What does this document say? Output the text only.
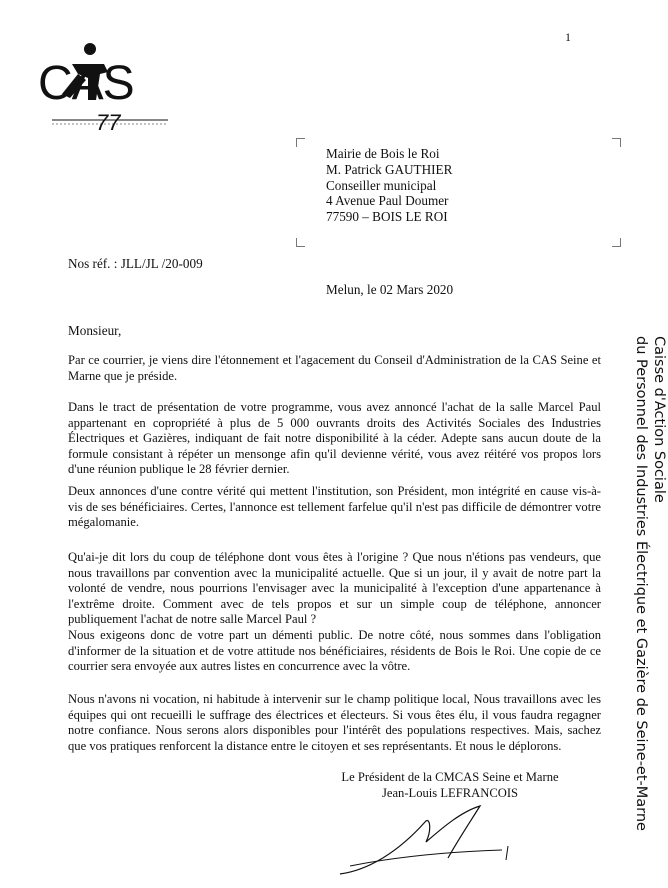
1
CAS
77
Mairie de Bois le Roi
M. Patrick GAUTHIER
Conseiller municipal
4 Avenue Paul Doumer
77590 – BOIS LE ROI
Nos réf. : JLL/JL /20-009
Melun, le 02 Mars 2020
Monsieur,

Par ce courrier, je viens dire l'étonnement et l'agacement du Conseil d'Administration de la CAS Seine et Marne que je préside.

Dans le tract de présentation de votre programme, vous avez annoncé l'achat de la salle Marcel Paul appartenant en copropriété à plus de 5 000 ouvrants droits des Activités Sociales des Industries Électriques et Gazières, indiquant de fait notre disponibilité à la céder. Adepte sans aucun doute de la formule consistant à répéter un mensonge afin qu'il devienne vérité, vous avez réitéré vos propos lors d'une réunion publique le 28 février dernier.

Deux annonces d'une contre vérité qui mettent l'institution, son Président, mon intégrité en cause vis-à-vis de ses bénéficiaires. Certes, l'annonce est tellement farfelue qu'il n'est pas difficile de démontrer votre mégalomanie.

Qu'ai-je dit lors du coup de téléphone dont vous êtes à l'origine ? Que nous n'étions pas vendeurs, que nous travaillons par convention avec la municipalité actuelle. Que si un jour, il y avait de notre part la volonté de vendre, nous pourrions l'envisager avec la municipalité à l'exception d'une appartenance à l'extrême droite. Comment avec de tels propos et sur un simple coup de téléphone, annoncer publiquement l'achat de notre salle Marcel Paul ?

Nous exigeons donc de votre part un démenti public. De notre côté, nous sommes dans l'obligation d'informer de la situation et de votre attitude nos bénéficiaires, résidents de Bois le Roi. Une copie de ce courrier sera envoyée aux autres listes en concurrence avec la vôtre.

Nous n'avons ni vocation, ni habitude à intervenir sur le champ politique local, Nous travaillons avec les équipes qui ont recueilli le suffrage des électrices et électeurs. Si vous êtes élu, il vous faudra regagner notre confiance. Nous serons alors disponibles pour l'intérêt des populations respectives. Mais, sachez que vos pratiques renforcent la distance entre le citoyen et ses représentants. Et nous le déplorons.

Le Président de la CMCAS Seine et Marne
Jean-Louis LEFRANCOIS
Caisse d'Action Sociale
du Personnel des Industries Électrique et Gazière de Seine-et-Marne
